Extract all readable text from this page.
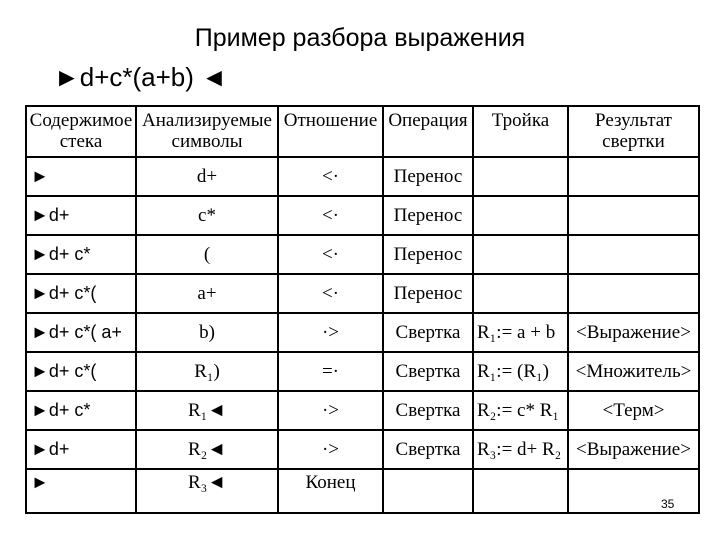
Пример разбора выражения
►d+c*(a+b) ◄
Содержимое стека	Анализируемые символы	Отношение	Операция	Тройка	Результат свертки
►	d+	<·	Перенос		
►d+	c*	<·	Перенос		
►d+ c*	(	<·	Перенос		
►d+ c*(	a+	<·	Перенос		
►d+ c*( a+	b)	·>	Свертка	R₁:= a + b	<Выражение>
►d+ c*(	R₁)	=·	Свертка	R₁:= (R₁)	<Множитель>
►d+ c*	R₁◄	·>	Свертка	R₂:= c* R₁	<Терм>
►d+	R₂◄	·>	Свертка	R₃:= d+ R₂	<Выражение>
►	R₃◄	Конец			
35
